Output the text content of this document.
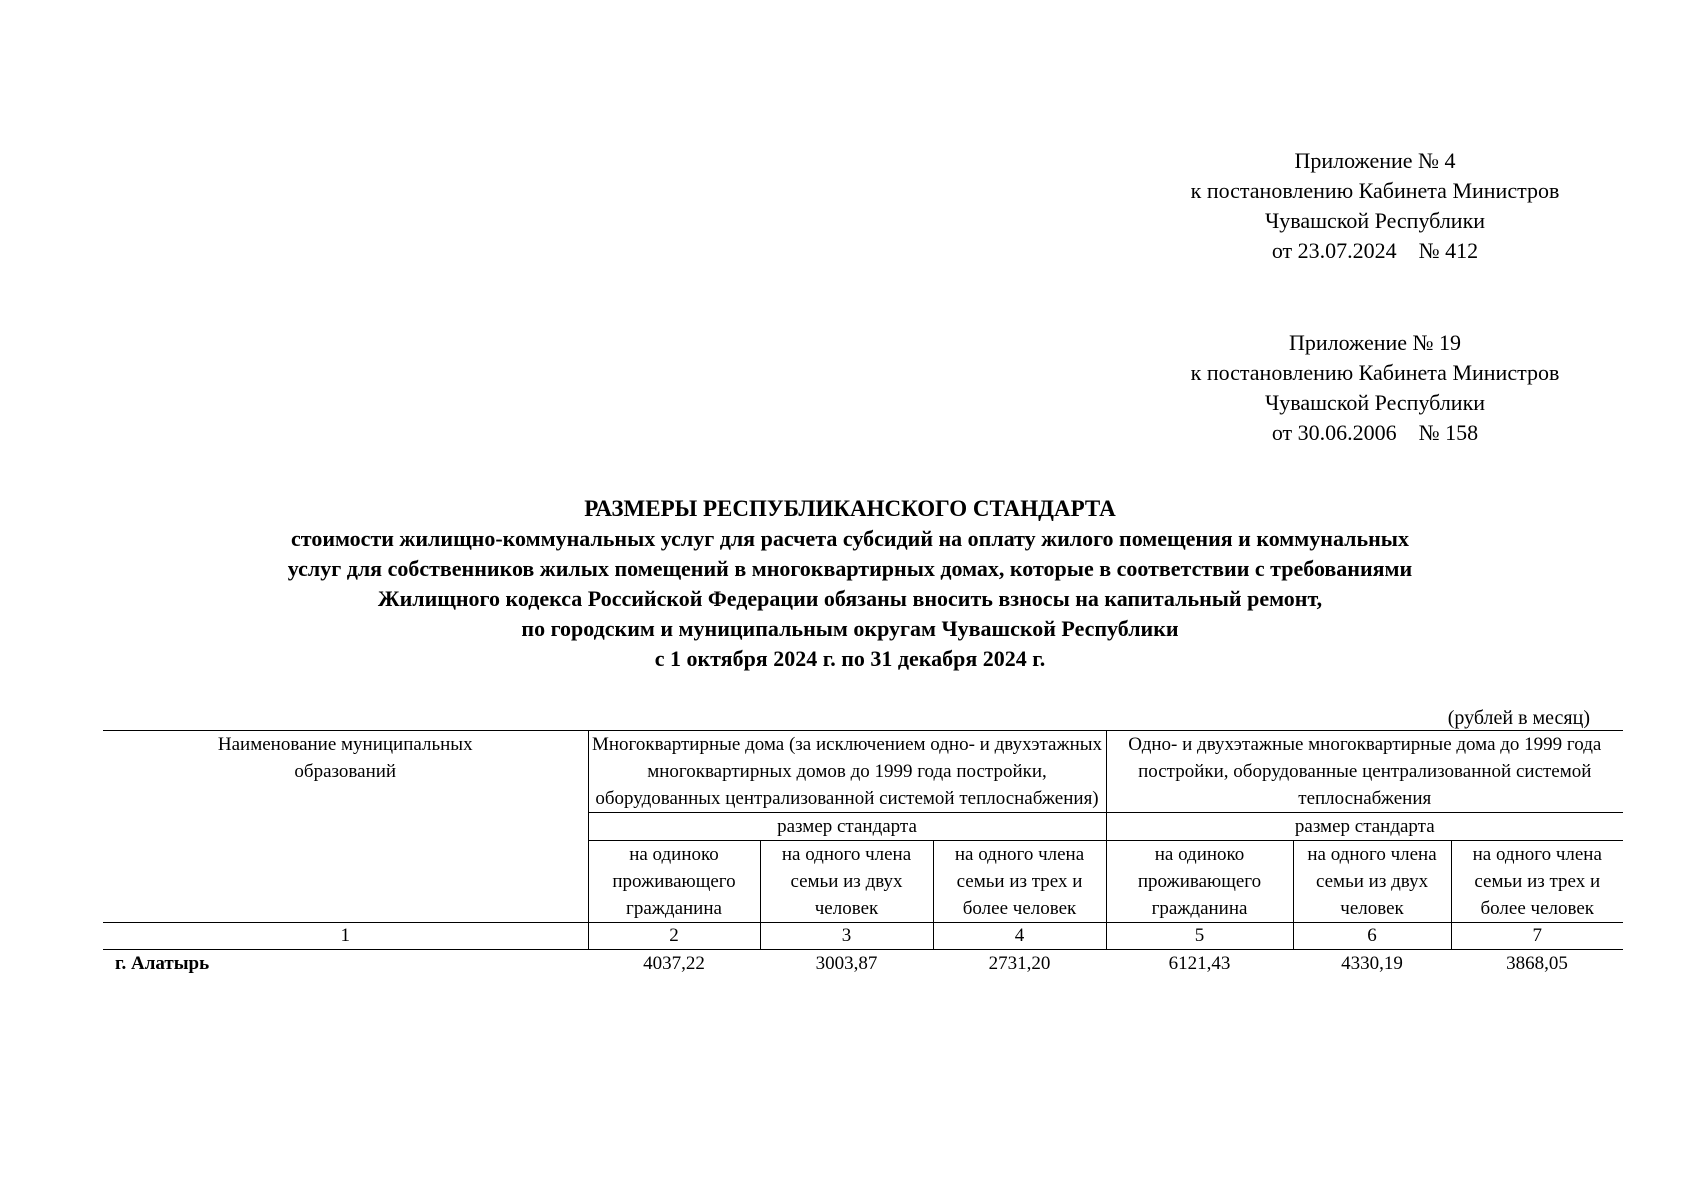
Приложение № 4
к постановлению Кабинета Министров
Чувашской Республики
от 23.07.2024    № 412
Приложение № 19
к постановлению Кабинета Министров
Чувашской Республики
от 30.06.2006    № 158
РАЗМЕРЫ РЕСПУБЛИКАНСКОГО СТАНДАРТА
стоимости жилищно-коммунальных услуг для расчета субсидий на оплату жилого помещения и коммунальных
услуг для собственников жилых помещений в многоквартирных домах, которые в соответствии с требованиями
Жилищного кодекса Российской Федерации обязаны вносить взносы на капитальный ремонт,
по городским и муниципальным округам Чувашской Республики
с 1 октября 2024 г. по 31 декабря 2024 г.
(рублей в месяц)
Наименование муниципальных образований	Многоквартирные дома (за исключением одно- и двухэтажных многоквартирных домов до 1999 года постройки, оборудованных централизованной системой теплоснабжения)			Одно- и двухэтажные многоквартирные дома до 1999 года постройки, оборудованные централизованной системой теплоснабжения		
	размер стандарта			размер стандарта		
	на одиноко проживающего гражданина	на одного члена семьи из двух человек	на одного члена семьи из трех и более человек	на одиноко проживающего гражданина	на одного члена семьи из двух человек	на одного члена семьи из трех и более человек
1	2	3	4	5	6	7
г. Алатырь	4037,22	3003,87	2731,20	6121,43	4330,19	3868,05
